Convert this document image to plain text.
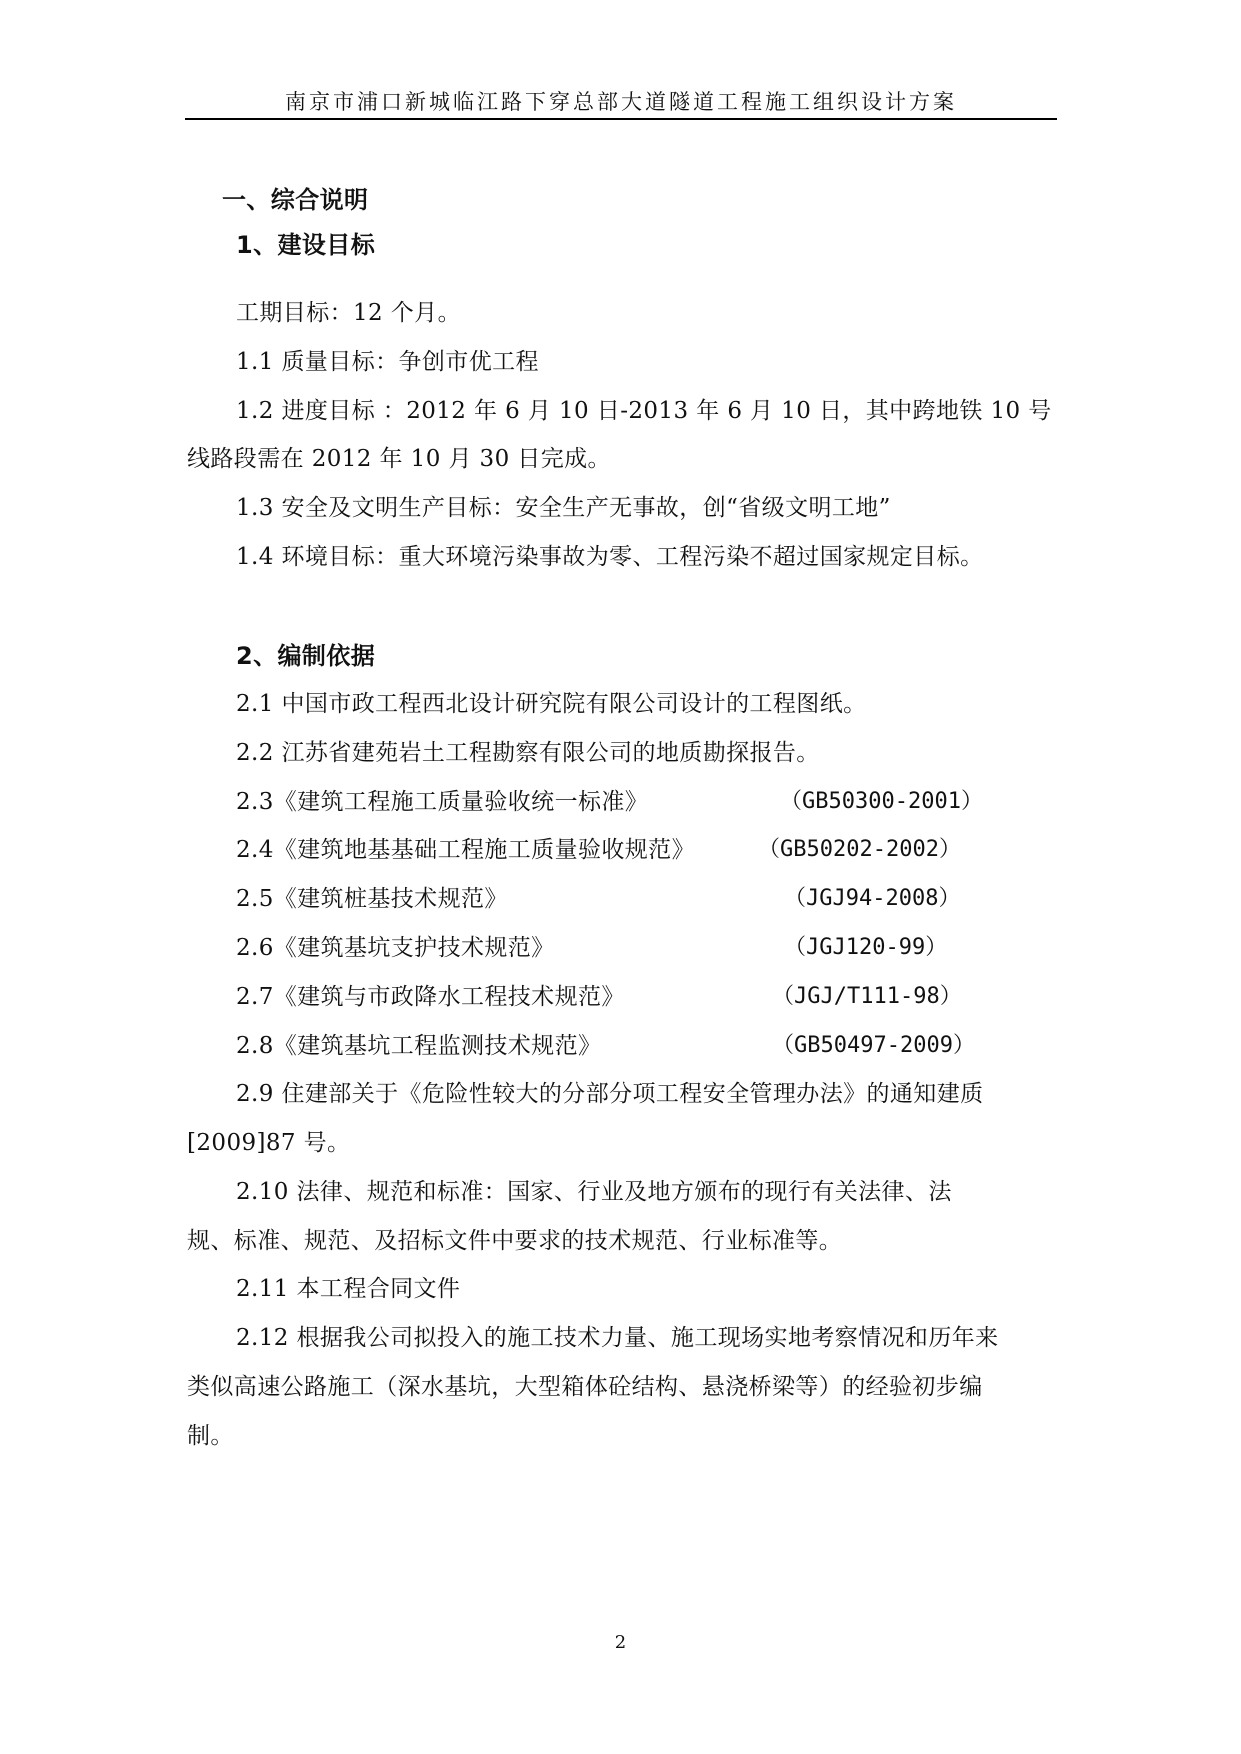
南京市浦口新城临江路下穿总部大道隧道工程施工组织设计方案
一、综合说明
1、建设目标
工期目标：12 个月。
1.1 质量目标：争创市优工程
1.2 进度目标 ：2012 年 6 月 10 日-2013 年 6 月 10 日，其中跨地铁 10 号
线路段需在 2012 年 10 月 30 日完成。
1.3 安全及文明生产目标：安全生产无事故，创“省级文明工地”
1.4 环境目标：重大环境污染事故为零、工程污染不超过国家规定目标。
2、编制依据
2.1 中国市政工程西北设计研究院有限公司设计的工程图纸。
2.2 江苏省建苑岩土工程勘察有限公司的地质勘探报告。
2.3《建筑工程施工质量验收统一标准》	（GB50300-2001）
2.4《建筑地基基础工程施工质量验收规范》	（GB50202-2002）
2.5《建筑桩基技术规范》	（JGJ94-2008）
2.6《建筑基坑支护技术规范》	（JGJ120-99）
2.7《建筑与市政降水工程技术规范》	（JGJ/T111-98）
2.8《建筑基坑工程监测技术规范》	（GB50497-2009）
2.9 住建部关于《危险性较大的分部分项工程安全管理办法》的通知建质
[2009]87 号。
2.10 法律、规范和标准：国家、行业及地方颁布的现行有关法律、法
规、标准、规范、及招标文件中要求的技术规范、行业标准等。
2.11 本工程合同文件
2.12 根据我公司拟投入的施工技术力量、施工现场实地考察情况和历年来
类似高速公路施工（深水基坑，大型箱体砼结构、悬浇桥梁等）的经验初步编
制。
2
